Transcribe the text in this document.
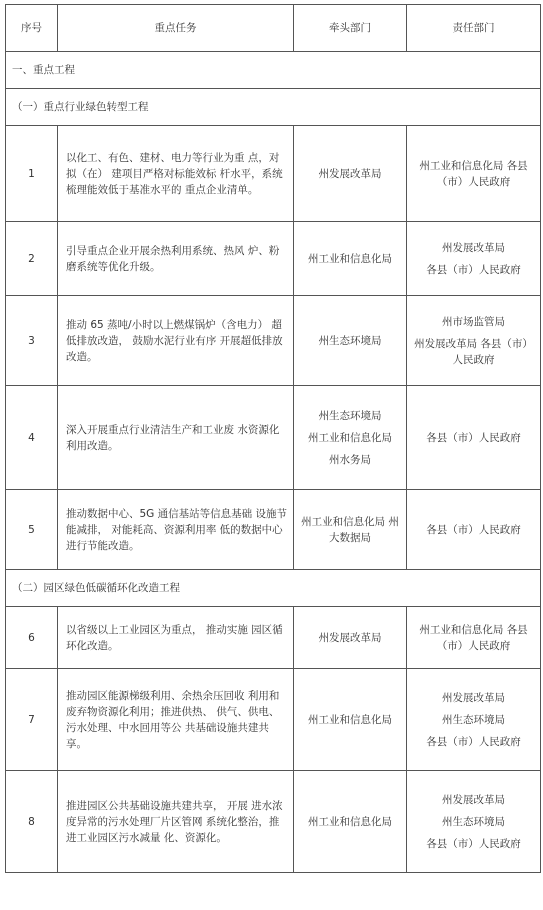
序号	重点任务	牵头部门	责任部门
一、重点工程			
（一）重点行业绿色转型工程			
1	以化工、有色、建材、电力等行业为重 点，对拟（在） 建项目严格对标能效标 杆水平，系统梳理能效低于基准水平的 重点企业清单。	州发展改革局	州工业和信息化局 各县（市）人民政府

2	引导重点企业开展余热利用系统、热风 炉、粉磨系统等优化升级。	州工业和信息化局	州发展改革局
各县（市）人民政府

3	推动 65 蒸吨/小时以上燃煤锅炉（含电力） 超低排放改造， 鼓励水泥行业有序 开展超低排放改造。	州生态环境局	州市场监管局
州发展改革局 各县（市）人民政府

4	深入开展重点行业清洁生产和工业废 水资源化利用改造。	州生态环境局
州工业和信息化局
州水务局	各县（市）人民政府

5	推动数据中心、5G 通信基站等信息基础 设施节能减排， 对能耗高、资源利用率 低的数据中心进行节能改造。	州工业和信息化局 州大数据局	各县（市）人民政府

（二）园区绿色低碳循环化改造工程			
6	以省级以上工业园区为重点， 推动实施 园区循环化改造。	州发展改革局	州工业和信息化局 各县（市）人民政府

7	推动园区能源梯级利用、余热余压回收 利用和废弃物资源化利用；推进供热、 供气、供电、污水处理、中水回用等公 共基础设施共建共享。	州工业和信息化局	州发展改革局
州生态环境局
各县（市）人民政府

8	推进园区公共基础设施共建共享， 开展 进水浓度异常的污水处理厂片区管网 系统化整治，推进工业园区污水减量 化、资源化。	州工业和信息化局	州发展改革局
州生态环境局
各县（市）人民政府
